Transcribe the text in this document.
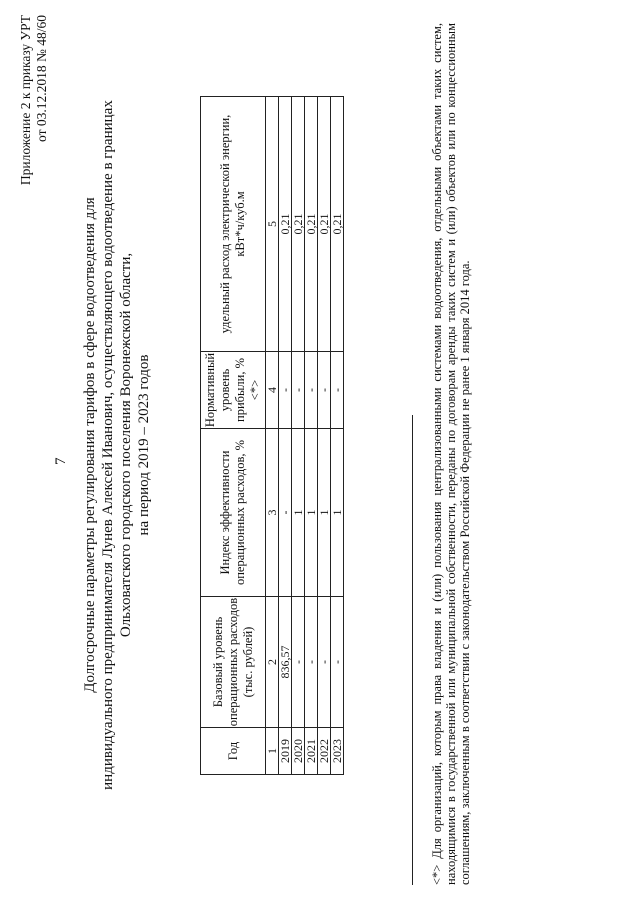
7
Приложение 2 к приказу УРТ от 03.12.2018 № 48/60
Долгосрочные параметры регулирования тарифов в сфере водоотведения для индивидуального предпринимателя Лунев Алексей Иванович, осуществляющего водоотведение в границах Ольховатского городского поселения Воронежской области, на период 2019 – 2023 годов
Год	Базовый уровень операционных расходов (тыс. рублей)	Индекс эффективности операционных расходов, %	Нормативный уровень прибыли, % <*>	удельный расход электрической энергии, кВт*ч/куб.м
1	2	3	4	5
2019	836,57	-	-	0,21
2020	-	1	-	0,21
2021	-	1	-	0,21
2022	-	1	-	0,21
2023	-	1	-	0,21	<*> Для организаций, которым права владения и (или) пользования централизованными системами водоотведения, отдельными объектами таких систем, находящимися в государственной или муниципальной собственности, переданы по договорам аренды таких систем и (или) объектов или по концессионным соглашениям, заключенным в соответствии с законодательством Российской Федерации не ранее 1 января 2014 года.
